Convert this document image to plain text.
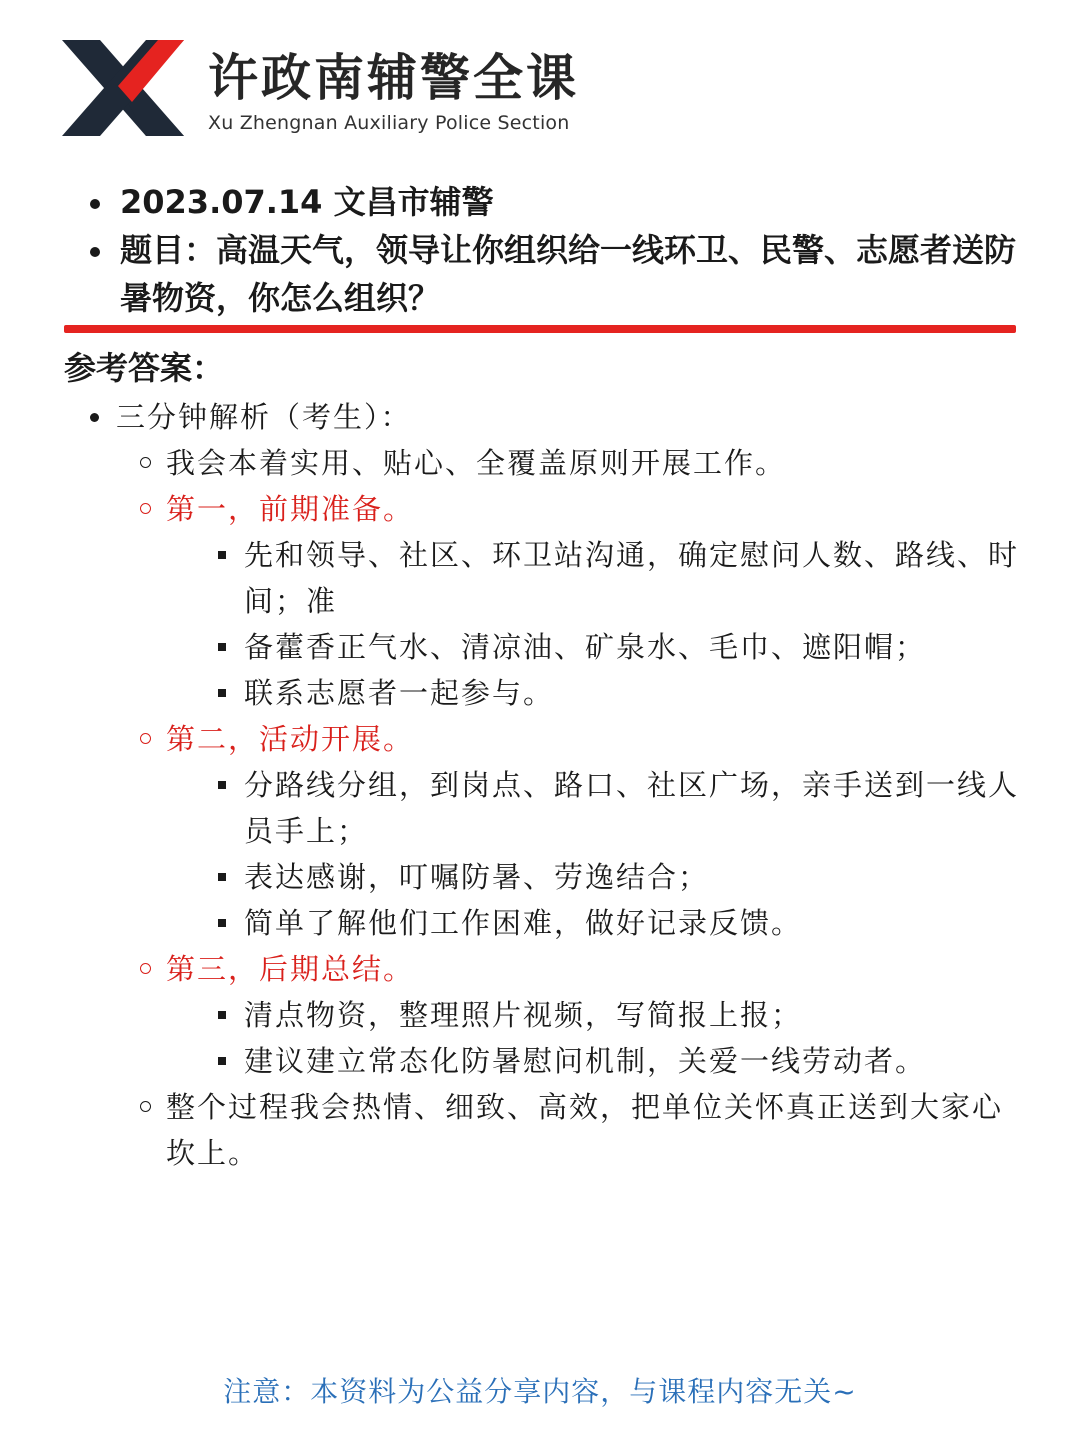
许政南辅警全课

Xu Zhengnan Auxiliary Police Section

2023.07.14 文昌市辅警
题目：高温天气，领导让你组织给一线环卫、民警、志愿者送防暑物资，你怎么组织？

参考答案：

三分钟解析（考生）：
我会本着实用、贴心、全覆盖原则开展工作。
第一，前期准备。
先和领导、社区、环卫站沟通，确定慰问人数、路线、时间；准
备藿香正气水、清凉油、矿泉水、毛巾、遮阳帽；
联系志愿者一起参与。
第二，活动开展。
分路线分组，到岗点、路口、社区广场，亲手送到一线人员手上；
表达感谢，叮嘱防暑、劳逸结合；
简单了解他们工作困难，做好记录反馈。
第三，后期总结。
清点物资，整理照片视频，写简报上报；
建议建立常态化防暑慰问机制，关爱一线劳动者。
整个过程我会热情、细致、高效，把单位关怀真正送到大家心坎上。

注意：本资料为公益分享内容，与课程内容无关~
